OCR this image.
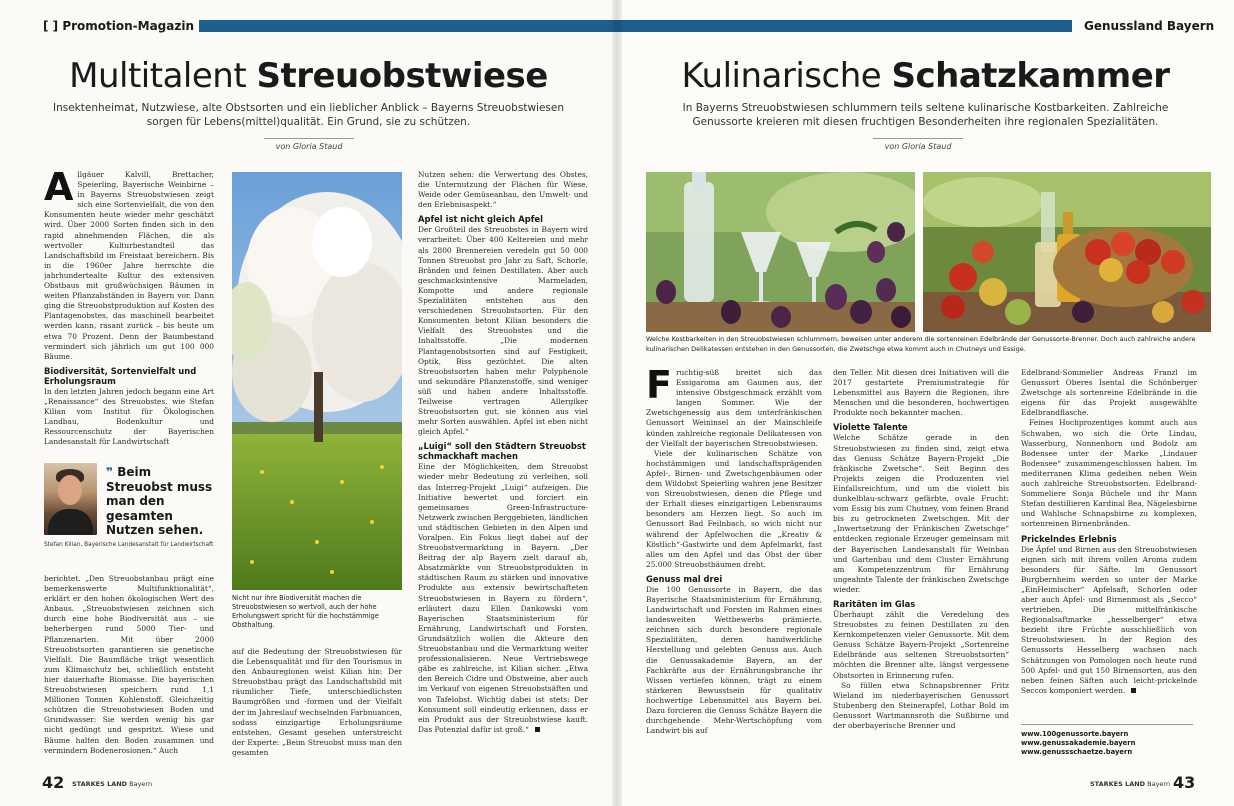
[ ] Promotion-Magazin
Multitalent Streuobstwiese
Insektenheimat, Nutzwiese, alte Obstsorten und ein lieblicher Anblick – Bayerns Streuobstwiesen sorgen für Lebens(mittel)qualität. Ein Grund, sie zu schützen.
von Gloria Staud
A llgäuer Kalvill, Brettacher, Speierling, Bayerische Weinbirne – in Bayerns Streuobstwiesen zeigt sich eine Sortenvielfalt, die von den Konsumenten heute wieder mehr geschätzt wird. Über 2000 Sorten finden sich in den rapid abnehmenden Flächen, die als wertvoller Kulturbestandteil das Landschaftsbild im Freistaat bereichern. Bis in die 1960er Jahre herrschte die jahrhundertealte Kultur des extensiven Obstbaus mit großwüchsigen Bäumen in weiten Pflanzabständen in Bayern vor. Dann ging die Streuobstproduktion auf Kosten des Plantagenobstes, das maschinell bearbeitet werden kann, rasant zurück – bis heute um etwa 70 Prozent. Denn der Baumbestand vermindert sich jährlich um gut 100 000 Bäume.

Biodiversität, Sortenvielfalt und Erholungsraum

In den letzten Jahren jedoch begann eine Art „Renaissance“ des Streuobstes, wie Stefan Kilian vom Institut für Ökologischen Landbau, Bodenkultur und Ressourcenschutz der Bayerischen Landesanstalt für Landwirtschaft

❞ Beim Streuobst muss man den gesamten Nutzen sehen.
Stefan Kilian, Bayerische Landesanstalt für Landwirtschaft

berichtet. „Den Streuobstanbau prägt eine bemerkenswerte Multifunktionalität“, erklärt er den hohen ökologischen Wert des Anbaus. „Streuobstwiesen zeichnen sich durch eine hohe Biodiversität aus – sie beherbergen rund 5000 Tier- und Pflanzenarten. Mit über 2000 Streuobstsorten garantieren sie genetische Vielfalt. Die Baumfläche trägt wesentlich zum Klimaschutz bei, schließlich entsteht hier dauerhafte Biomasse. Die bayerischen Streuobstwiesen speichern rund 1,1 Millionen Tonnen Kohlenstoff. Gleichzeitig schützen die Streuobstwiesen Boden und Grundwasser: Sie werden wenig bis gar nicht gedüngt und gespritzt. Wiese und Bäume halten den Boden zusammen und vermindern Bodenerosionen.“ Auch

Nicht nur ihre Biodiversität machen die Streuobstwiesen so wertvoll, auch der hohe Erholungswert spricht für die hochstämmige Obsthaltung.

auf die Bedeutung der Streuobstwiesen für die Lebensqualität und für den Tourismus in den Anbauregionen weist Kilian hin: Der Streuobstbau prägt das Landschaftsbild mit räumlicher Tiefe, unterschiedlichsten Baumgrößen und -formen und der Vielfalt der im Jahreslauf wechselnden Farbnuancen, sodass einzigartige Erholungsräume entstehen. Gesamt gesehen unterstreicht der Experte: „Beim Streuobst muss man den gesamten

Nutzen sehen: die Verwertung des Obstes, die Unternutzung der Flächen für Wiese, Weide oder Gemüseanbau, den Umwelt- und den Erlebnisaspekt.“

Apfel ist nicht gleich Apfel

Der Großteil des Streuobstes in Bayern wird verarbeitet: Über 400 Keltereien und mehr als 2800 Brennereien veredeln gut 50 000 Tonnen Streuobst pro Jahr zu Saft, Schorle, Bränden und feinen Destillaten. Aber auch geschmacksintensive Marmeladen, Kompotte und andere regionale Spezialitäten entstehen aus den verschiedenen Streuobstsorten. Für den Konsumenten betont Kilian besonders die Vielfalt des Streuobstes und die Inhaltsstoffe. „Die modernen Plantagenobstsorten sind auf Festigkeit, Optik, Biss gezüchtet. Die alten Streuobstsorten haben mehr Polyphenole und sekundäre Pflanzenstoffe, sind weniger süß und haben andere Inhaltsstoffe. Teilweise vertragen Allergiker Streuobstsorten gut, sie können aus viel mehr Sorten auswählen. Apfel ist eben nicht gleich Apfel.“

„Luigi“ soll den Städtern Streuobst schmackhaft machen

Eine der Möglichkeiten, dem Streuobst wieder mehr Bedeutung zu verleihen, soll das Interreg-Projekt „Luigi“ aufzeigen. Die Initiative bewertet und forciert ein gemeinsames Green-Infrastructure-Netzwerk zwischen Berggebieten, ländlichen und städtischen Gebieten in den Alpen und Voralpen. Ein Fokus liegt dabei auf der Streuobstvermarktung in Bayern. „Der Beitrag der alp Bayern zielt darauf ab, Absatzmärkte von Streuobstprodukten in städtischen Raum zu stärken und innovative Produkte aus extensiv bewirtschafteten Streuobstwiesen in Bayern zu fördern“, erläutert dazu Ellen Dankowski vom Bayerischen Staatsministerium für Ernährung, Landwirtschaft und Forsten. Grundsätzlich wollen die Akteure den Streuobstanbau und die Vermarktung weiter professionalisieren. Neue Vertriebswege gäbe es zahlreiche, ist Kilian sicher. „Etwa den Bereich Cidre und Obstweine, aber auch im Verkauf von eigenen Streuobstsäften und von Tafelobst. Wichtig dabei ist stets: Der Konsument soll eindeutig erkennen, dass er ein Produkt aus der Streuobstwiese kauft. Das Potenzial dafür ist groß.“

42 STARKES LAND Bayern
Genussland Bayern
Kulinarische Schatzkammer
In Bayerns Streuobstwiesen schlummern teils seltene kulinarische Kostbarkeiten. Zahlreiche Genussorte kreieren mit diesen fruchtigen Besonderheiten ihre regionalen Spezialitäten.
von Gloria Staud
Welche Kostbarkeiten in den Streuobstwiesen schlummern, beweisen unter anderem die sortenreinen Edelbrände der Genussorte-Brenner. Doch auch zahlreiche andere kulinarischen Delikatessen entstehen in den Genussorten, die Zwetschge etwa kommt auch in Chutneys und Essige.
F ruchtig-süß breitet sich das Essigaroma am Gaumen aus, der intensive Obstgeschmack erzählt vom langen Sommer. Wie der Zwetschgenessig aus dem unterfränkischen Genussort Weininsel an der Mainschleife künden zahlreiche regionale Delikatessen von der Vielfalt der bayerischen Streuobstwiesen.

Viele der kulinarischen Schätze von hochstämmigen und landschaftsprägenden Apfel-, Birnen- und Zwetschgenbäumen oder dem Wildobst Speierling wahren jene Besitzer von Streuobstwiesen, denen die Pflege und der Erhalt dieses einzigartigen Lebensraums besonders am Herzen liegt. So auch im Genussort Bad Feilnbach, so wich nicht nur während der Apfelwochen die „Kreativ & Köstlich“-Gastwirte und dem Apfelmarkt, fast alles um den Apfel und das Obst der über 25.000 Streuobstbäumen dreht.

Genuss mal drei

Die 100 Genussorte in Bayern, die das Bayerische Staatsministerium für Ernährung, Landwirtschaft und Forsten im Rahmen eines landesweiten Wettbewerbs prämierte, zeichnen sich durch besondere regionale Spezialitäten, deren handwerkliche Herstellung und gelebten Genuss aus. Auch die Genussakademie Bayern, an der Fachkräfte aus der Ernährungsbranche ihr Wissen vertiefen können, trägt zu einem stärkeren Bewusstsein für qualitativ hochwertige Lebensmittel aus Bayern bei. Dazu forcieren die Genuss Schätze Bayern die durchgehende Mehr-Wertschöpfung vom Landwirt bis auf

den Teller. Mit diesen drei Initiativen will die 2017 gestartete Premiumstrategie für Lebensmittel aus Bayern die Regionen, ihre Menschen und die besonderen, hochwertigen Produkte noch bekannter machen.

Violette Talente

Welche Schätze gerade in den Streuobstwiesen zu finden sind, zeigt etwa das Genuss Schätze Bayern-Projekt „Die fränkische Zwetsche“. Seit Beginn des Projekts zeigen die Produzenten viel Einfallsreichtum, und um die violett bis dunkelblau-schwarz gefärbte, ovale Frucht: vom Essig bis zum Chutney, vom feinen Brand bis zu getrockneten Zwetschgen. Mit der „Inwertsetzung der Fränkischen Zwetschge“ entdecken regionale Erzeuger gemeinsam mit der Bayerischen Landesanstalt für Weinbau und Gartenbau und dem Cluster Ernährung am Kompetenzzentrum für Ernährung ungeahnte Talente der fränkischen Zwetschge wieder.

Raritäten im Glas

Überhaupt zählt die Veredelung des Streuobstes zu feinen Destillaten zu den Kernkompetenzen vieler Genussorte. Mit dem Genuss Schätze Bayern-Projekt „Sortenreine Edelbrände aus seltenen Streuobstsorten“ möchten die Brenner alte, längst vergessene Obstsorten in Erinnerung rufen.

So füllen etwa Schnapsbrenner Fritz Wieland im niederbayerischen Genussort Stubenberg den Steinerapfel, Lothar Bold im Genussort Wartmannsroth die Sußbirne und der oberbayerische Brenner und

Edelbrand-Sommelier Andreas Franzl im Genussort Oberes Isental die Schönberger Zwetschge als sortenreine Edelbrände in die eigens für das Projekt ausgewählte Edelbrandflasche.

Feines Hochprozentiges kommt auch aus Schwaben, wo sich die Orte Lindau, Wasserburg, Nonnenhorn und Bodolz am Bodensee unter der Marke „Lindauer Bodensee“ zusammengeschlossen haben. Im mediterranen Klima gedeihen neben Wein auch zahlreiche Streuobstsorten. Edelbrand-Sommeliere Sonja Büchele und ihr Mann Stefan destillieren Kardinal Bea, Nägelesbirne und Wahlsche Schnapsbirne zu komplexen, sortenreinen Birnenbränden.

Prickelndes Erlebnis

Die Äpfel und Birnen aus den Streuobstwiesen eignen sich mit ihrem vollen Aroma zudem besonders für Säfte. Im Genussort Burgbernheim werden so unter der Marke „EinHeimischer“ Apfelsaft, Schorlen oder aber auch Apfel- und Birnenmost als „Secco“ vertrieben. Die mittelfränkische Regionalsaftmarke „hesselberger“ etwa bezieht ihre Früchte ausschließlich von Streuobstwiesen. In der Region des Genussorts Hesselberg wachsen nach Schätzungen von Pomologen noch heute rund 500 Apfel- und gut 150 Birnensorten, aus den neben feinen Säften auch leicht-prickelnde Seccos komponiert werden.

www.100genussorte.bayern
www.genussakademie.bayern
www.genussschaetze.bayern
STARKES LAND Bayern 43
